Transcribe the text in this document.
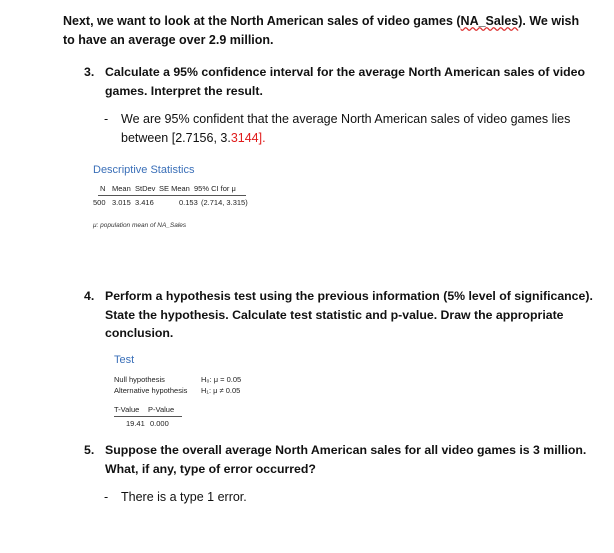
Next, we want to look at the North American sales of video games (NA_Sales). We wish to have an average over 2.9 million.
3. Calculate a 95% confidence interval for the average North American sales of video
games. Interpret the result.
- We are 95% confident that the average North American sales of video games lies
between [2.7156, 3.3144].
Descriptive Statistics
N Mean StDev SE Mean 95% CI for μ
500 3.015 3.416	0.153 (2.714, 3.315)
μ: population mean of NA_Sales
4. Perform a hypothesis test using the previous information (5% level of significance).
State the hypothesis. Calculate test statistic and p-value. Draw the appropriate
conclusion.
Test
Null hypothesis	H₀: μ = 0.05
Alternative hypothesis H₁: μ ≠ 0.05
T-Value P-Value
19.41 0.000
5. Suppose the overall average North American sales for all video games is 3 million.
What, if any, type of error occurred?
- There is a type 1 error.
